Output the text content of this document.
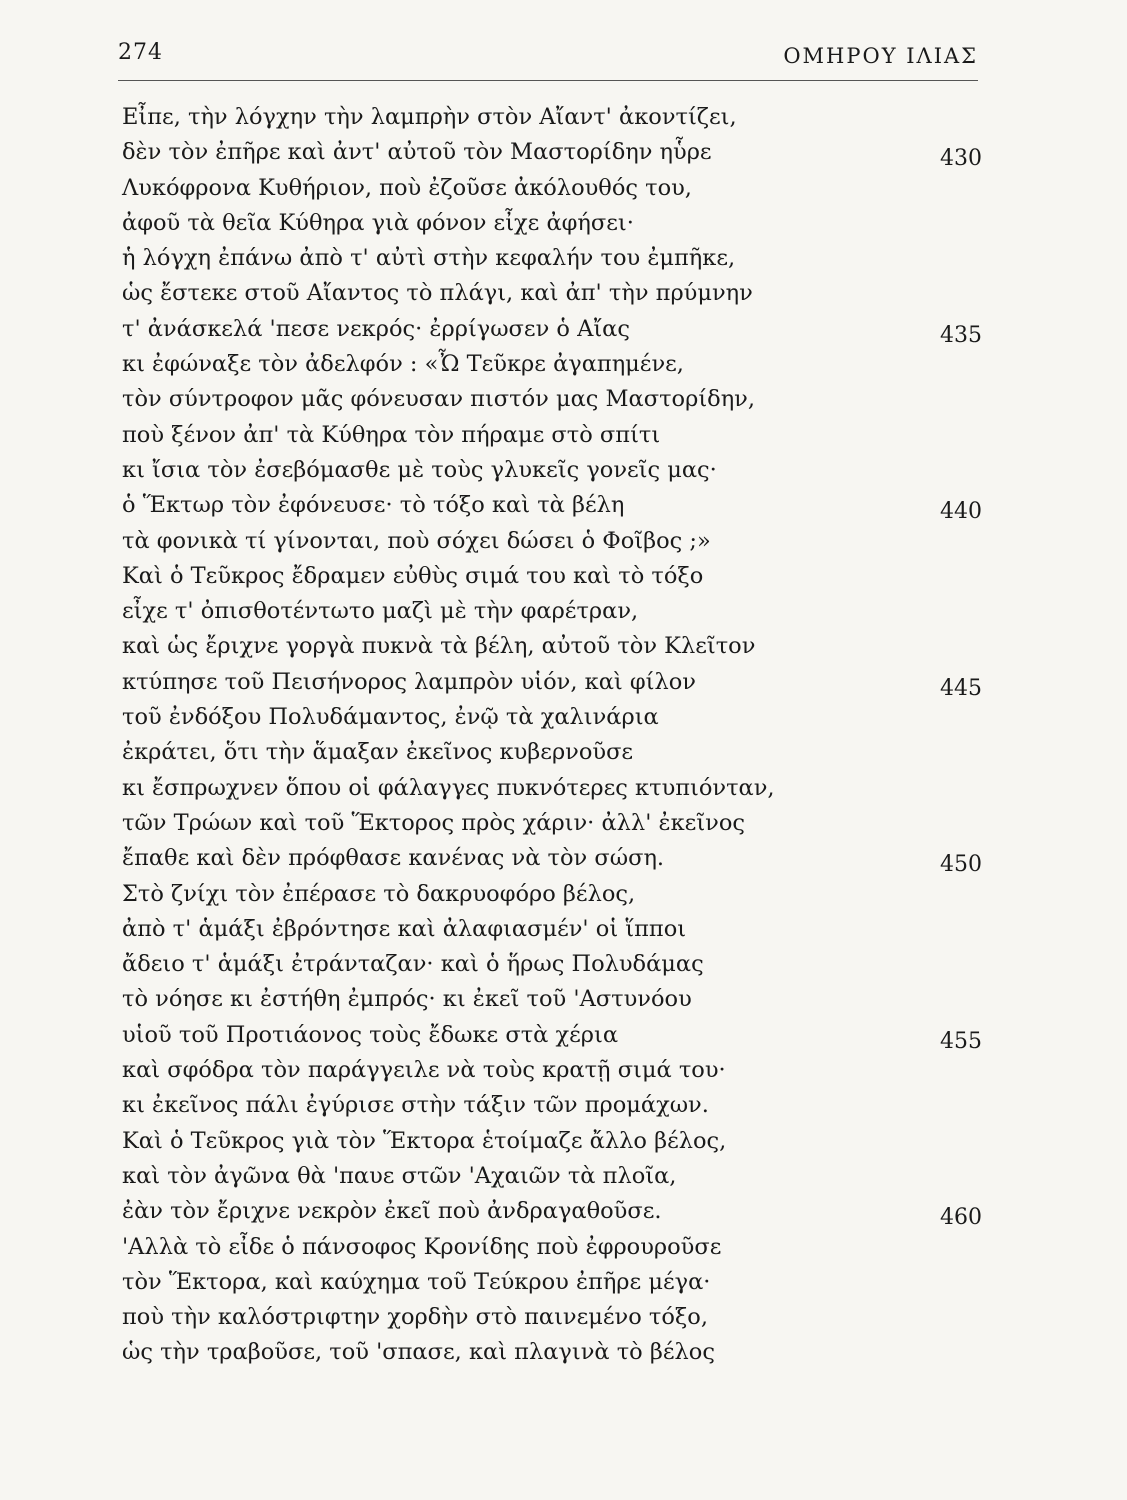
274	ΟΜΗΡΟΥ ΙΛΙΑΣ
Εἶπε, τὴν λόγχην τὴν λαμπρὴν στὸν Αἴαντ' ἀκοντίζει,
δὲν τὸν ἐπῆρε καὶ ἀντ' αὐτοῦ τὸν Μαστορίδην ηὗρε	430
Λυκόφρονα Κυθήριον, ποὺ ἐζοῦσε ἀκόλουθός του,
ἀφοῦ τὰ θεῖα Κύθηρα γιὰ φόνον εἶχε ἀφήσει·
ἡ λόγχη ἐπάνω ἀπὸ τ' αὐτὶ στὴν κεφαλήν του ἐμπῆκε,
ὡς ἔστεκε στοῦ Αἴαντος τὸ πλάγι, καὶ ἀπ' τὴν πρύμνην
τ' ἀνάσκελά 'πεσε νεκρός· ἐρρίγωσεν ὁ Αἴας	435
κι ἐφώναξε τὸν ἀδελφόν : «Ὦ Τεῦκρε ἀγαπημένε,
τὸν σύντροφον μᾶς φόνευσαν πιστόν μας Μαστορίδην,
ποὺ ξένον ἀπ' τὰ Κύθηρα τὸν πήραμε στὸ σπίτι
κι ἴσια τὸν ἐσεβόμασθε μὲ τοὺς γλυκεῖς γονεῖς μας·
ὁ Ἕκτωρ τὸν ἐφόνευσε· τὸ τόξο καὶ τὰ βέλη	440
τὰ φονικὰ τί γίνονται, ποὺ σόχει δώσει ὁ Φοῖβος ;»
Καὶ ὁ Τεῦκρος ἔδραμεν εὐθὺς σιμά του καὶ τὸ τόξο
εἶχε τ' ὀπισθοτέντωτο μαζὶ μὲ τὴν φαρέτραν,
καὶ ὡς ἔριχνε γοργὰ πυκνὰ τὰ βέλη, αὐτοῦ τὸν Κλεῖτον
κτύπησε τοῦ Πεισήνορος λαμπρὸν υἱόν, καὶ φίλον	445
τοῦ ἐνδόξου Πολυδάμαντος, ἐνῷ τὰ χαλινάρια
ἐκράτει, ὅτι τὴν ἅμαξαν ἐκεῖνος κυβερνοῦσε
κι ἔσπρωχνεν ὅπου οἱ φάλαγγες πυκνότερες κτυπιόνταν,
τῶν Τρώων καὶ τοῦ Ἕκτορος πρὸς χάριν· ἀλλ' ἐκεῖνος
ἔπαθε καὶ δὲν πρόφθασε κανένας νὰ τὸν σώση.	450
Στὸ ζνίχι τὸν ἐπέρασε τὸ δακρυοφόρο βέλος,
ἀπὸ τ' ἁμάξι ἐβρόντησε καὶ ἀλαφιασμέν' οἱ ἵπποι
ἄδειο τ' ἁμάξι ἐτράνταζαν· καὶ ὁ ἥρως Πολυδάμας
τὸ νόησε κι ἐστήθη ἐμπρός· κι ἐκεῖ τοῦ 'Αστυνόου
υἱοῦ τοῦ Προτιάονος τοὺς ἔδωκε στὰ χέρια	455
καὶ σφόδρα τὸν παράγγειλε νὰ τοὺς κρατῇ σιμά του·
κι ἐκεῖνος πάλι ἐγύρισε στὴν τάξιν τῶν προμάχων.
Καὶ ὁ Τεῦκρος γιὰ τὸν Ἕκτορα ἑτοίμαζε ἄλλο βέλος,
καὶ τὸν ἀγῶνα θὰ 'παυε στῶν 'Αχαιῶν τὰ πλοῖα,
ἐὰν τὸν ἔριχνε νεκρὸν ἐκεῖ ποὺ ἀνδραγαθοῦσε.	460
'Αλλὰ τὸ εἶδε ὁ πάνσοφος Κρονίδης ποὺ ἐφρουροῦσε
τὸν Ἕκτορα, καὶ καύχημα τοῦ Τεύκρου ἐπῆρε μέγα·
ποὺ τὴν καλόστριφτην χορδὴν στὸ παινεμένο τόξο,
ὡς τὴν τραβοῦσε, τοῦ 'σπασε, καὶ πλαγινὰ τὸ βέλος
